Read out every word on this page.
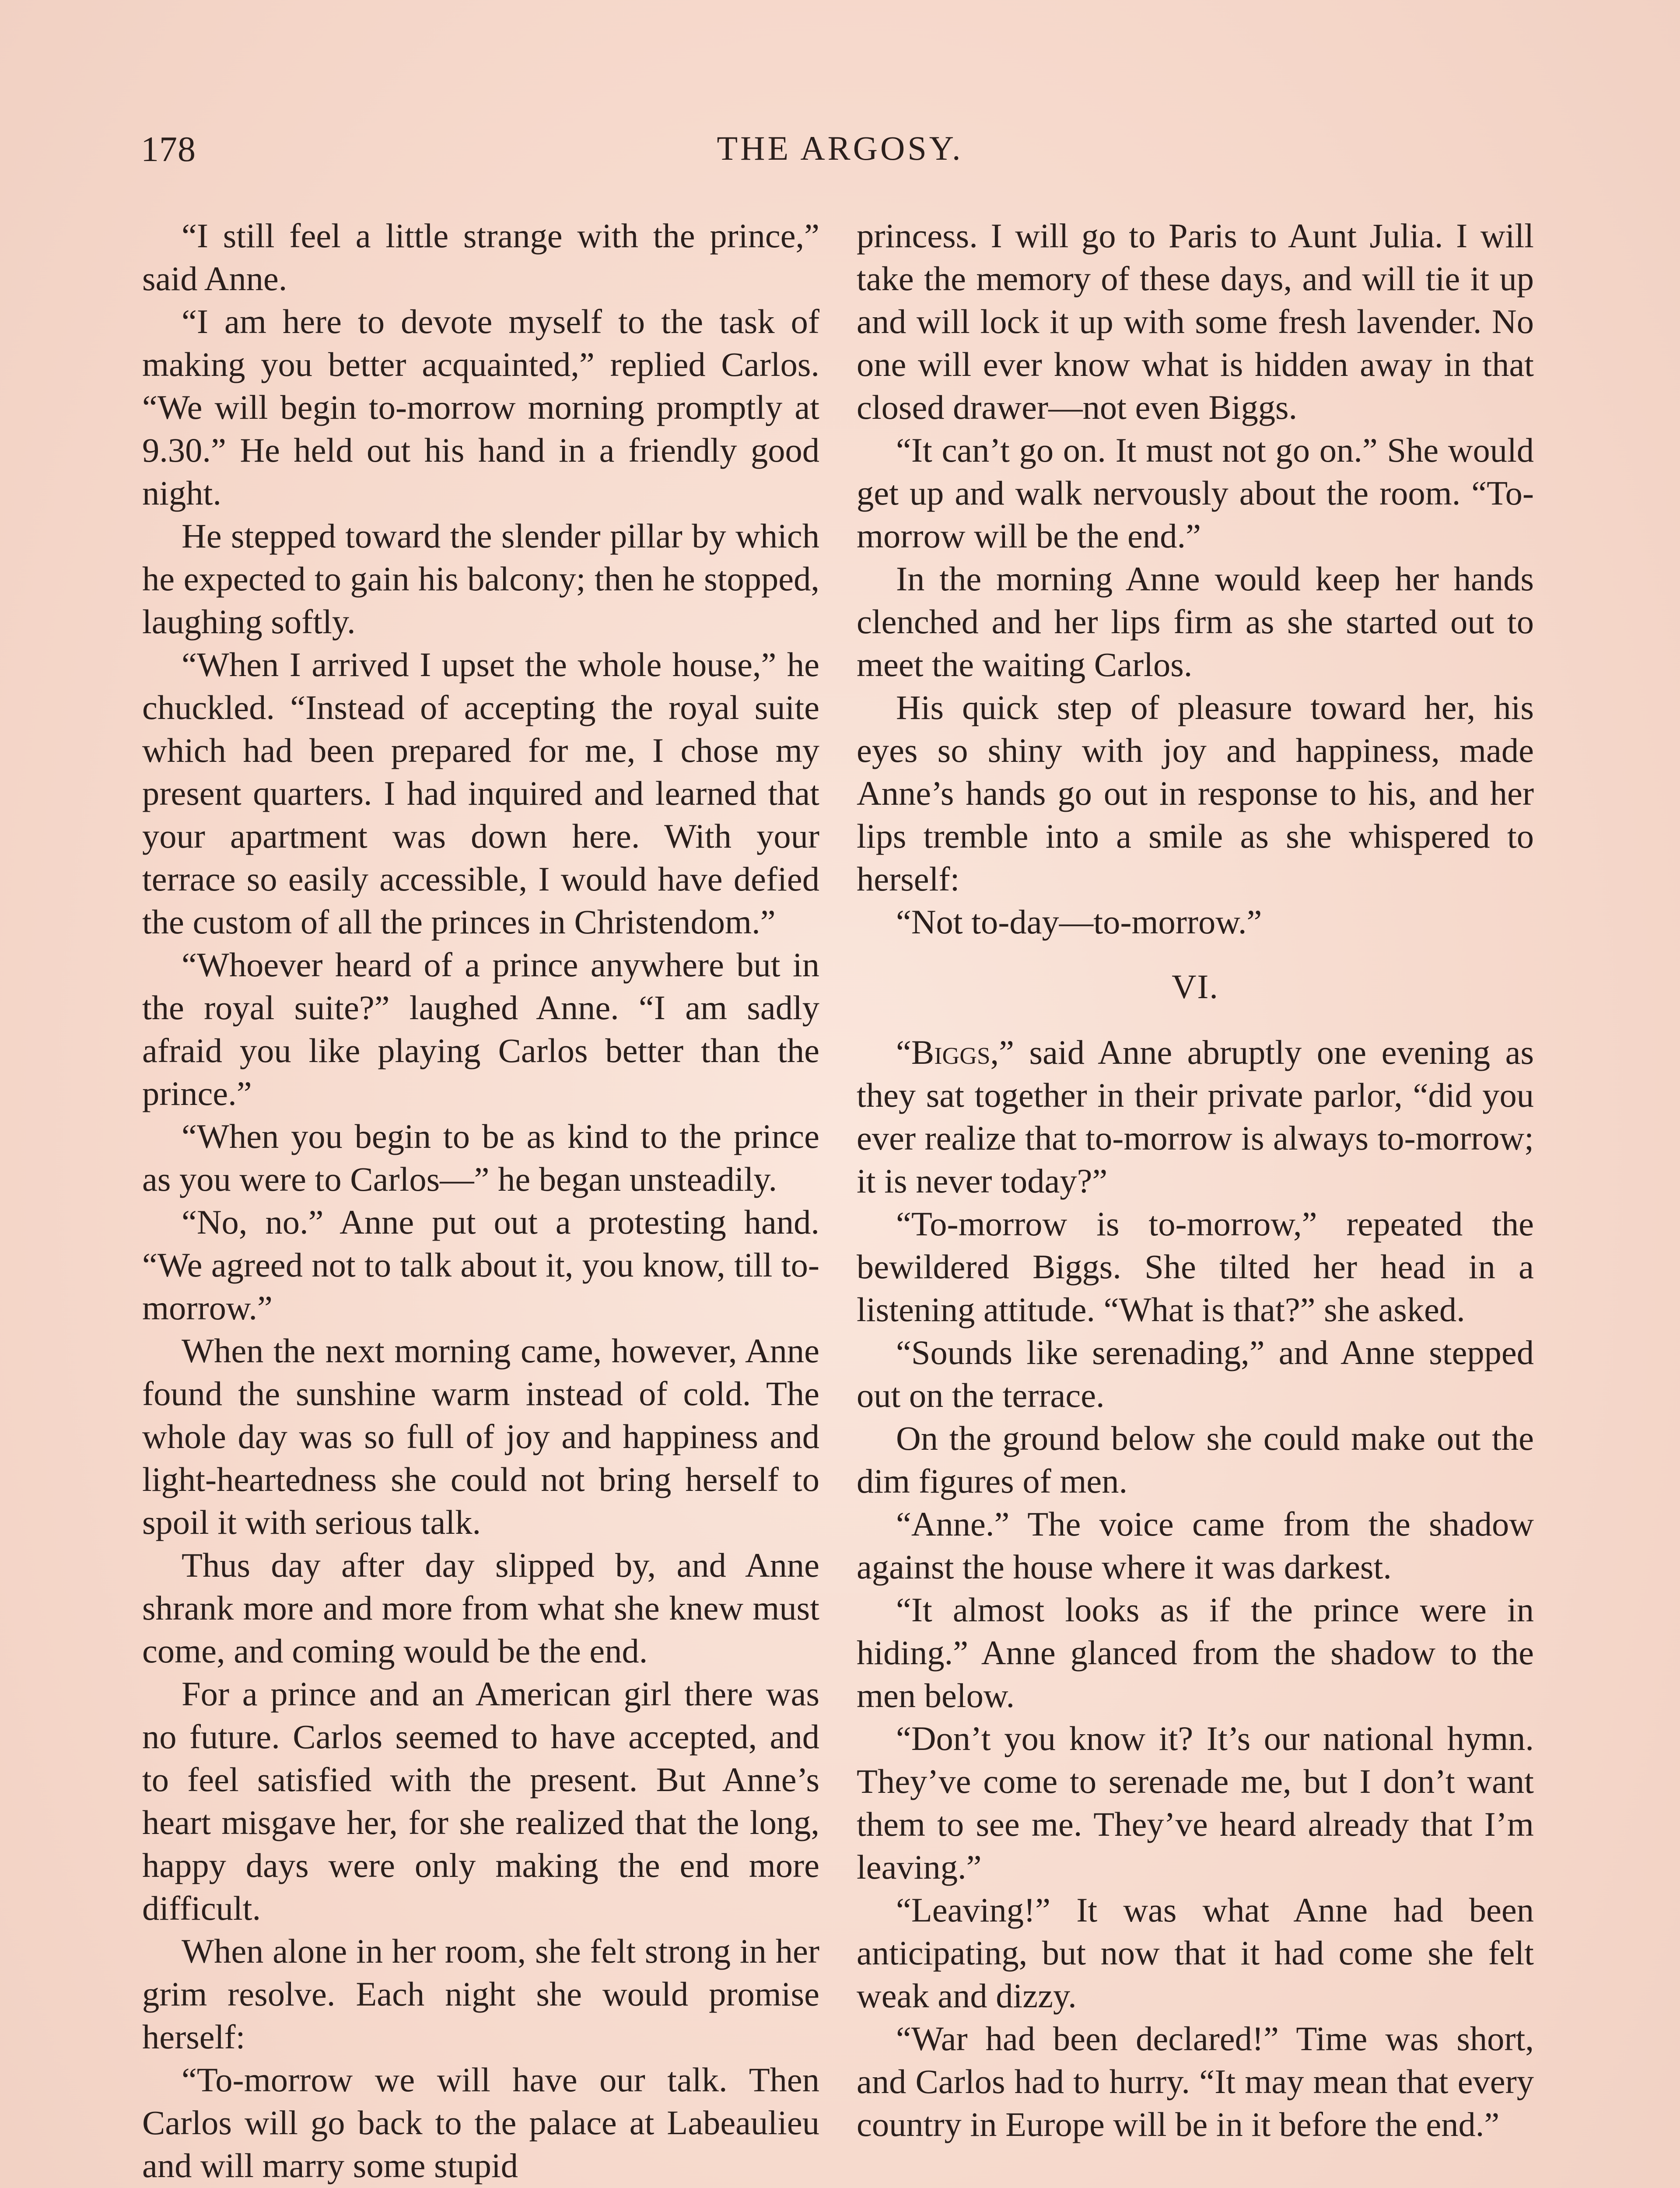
178	THE ARGOSY.

“I still feel a little strange with the prince,” said Anne.

“I am here to devote myself to the task of making you better acquainted,” replied Carlos. “We will begin to-morrow morning promptly at 9.30.” He held out his hand in a friendly good night.

He stepped toward the slender pillar by which he expected to gain his balcony; then he stopped, laughing softly.

“When I arrived I upset the whole house,” he chuckled. “Instead of accepting the royal suite which had been prepared for me, I chose my present quarters. I had inquired and learned that your apartment was down here. With your terrace so easily accessible, I would have defied the custom of all the princes in Christendom.”

“Whoever heard of a prince anywhere but in the royal suite?” laughed Anne. “I am sadly afraid you like playing Carlos better than the prince.”

“When you begin to be as kind to the prince as you were to Carlos—” he began unsteadily.

“No, no.” Anne put out a protesting hand. “We agreed not to talk about it, you know, till to-morrow.”

When the next morning came, however, Anne found the sunshine warm instead of cold. The whole day was so full of joy and happiness and light-heartedness she could not bring herself to spoil it with serious talk.

Thus day after day slipped by, and Anne shrank more and more from what she knew must come, and coming would be the end.

For a prince and an American girl there was no future. Carlos seemed to have accepted, and to feel satisfied with the present. But Anne’s heart misgave her, for she realized that the long, happy days were only making the end more difficult.

When alone in her room, she felt strong in her grim resolve. Each night she would promise herself:

“To-morrow we will have our talk. Then Carlos will go back to the palace at Labeaulieu and will marry some stupid

princess. I will go to Paris to Aunt Julia. I will take the memory of these days, and will tie it up and will lock it up with some fresh lavender. No one will ever know what is hidden away in that closed drawer—not even Biggs.

“It can’t go on. It must not go on.” She would get up and walk nervously about the room. “To-morrow will be the end.”

In the morning Anne would keep her hands clenched and her lips firm as she started out to meet the waiting Carlos.

His quick step of pleasure toward her, his eyes so shiny with joy and happiness, made Anne’s hands go out in response to his, and her lips tremble into a smile as she whispered to herself:

“Not to-day—to-morrow.”

VI.

“Biggs,” said Anne abruptly one evening as they sat together in their private parlor, “did you ever realize that to-morrow is always to-morrow; it is never today?”

“To-morrow is to-morrow,” repeated the bewildered Biggs. She tilted her head in a listening attitude. “What is that?” she asked.

“Sounds like serenading,” and Anne stepped out on the terrace.

On the ground below she could make out the dim figures of men.

“Anne.” The voice came from the shadow against the house where it was darkest.

“It almost looks as if the prince were in hiding.” Anne glanced from the shadow to the men below.

“Don’t you know it? It’s our national hymn. They’ve come to serenade me, but I don’t want them to see me. They’ve heard already that I’m leaving.”

“Leaving!” It was what Anne had been anticipating, but now that it had come she felt weak and dizzy.

“War had been declared!” Time was short, and Carlos had to hurry. “It may mean that every country in Europe will be in it before the end.”
